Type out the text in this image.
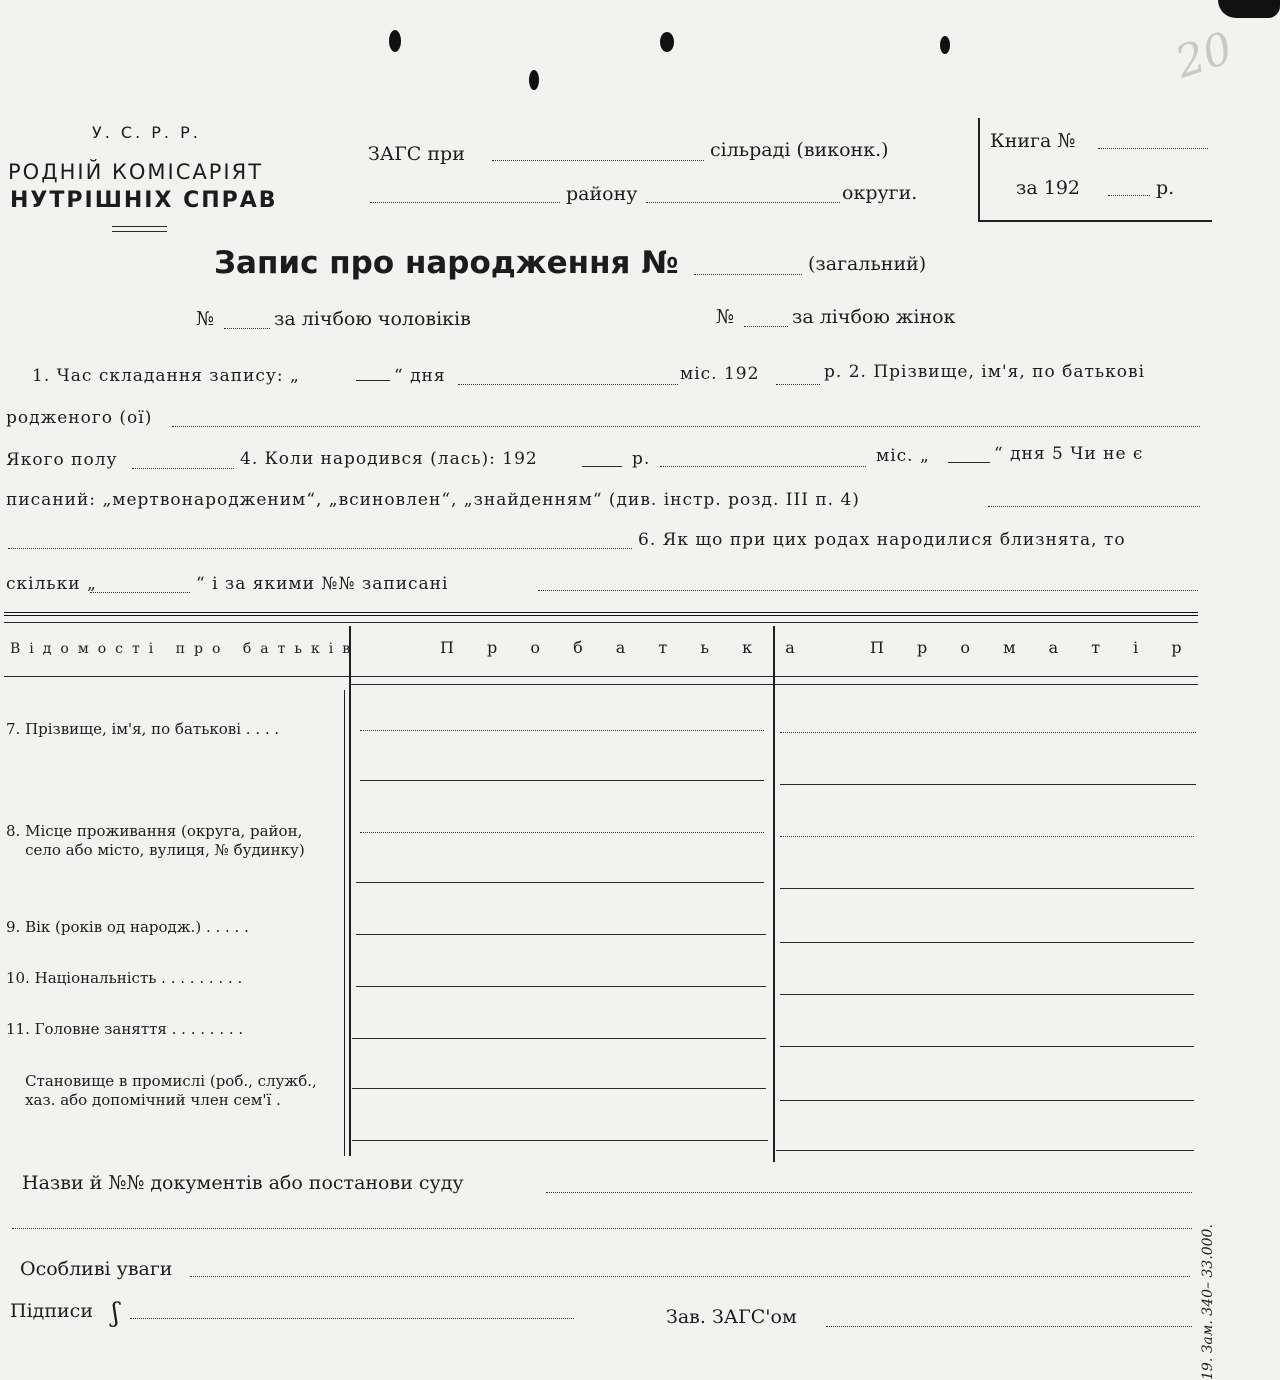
У. С. Р. Р.
РОДНІЙ КОМІСАРІЯТ
НУТРІШНІХ СПРАВ
ЗАГС при	сільраді (виконк.)
району	округи.
Книга №
за 192	р.
20
Запис про народження №	(загальний)
№	за лічбою чоловіків	№	за лічбою жінок
1. Час складання запису: „	“ дня	міс. 192	р. 2. Прізвище, ім'я, по батькові
роджeного (ої)
Якого полу	4. Коли народився (лась): 192	р.	міс. „	“ дня 5 Чи не є
писаний: „мертвонародженим“, „всиновлен“, „знайденням“ (див. інстр. розд. III п. 4)
6. Як що при цих родах народилися близнята, то
скільки „	“ і за якими №№ записані
Відомості про батьків	П р о б а т ь к а	П р о м а т і р
7. Прізвище, ім'я, по батькові . . . .
8. Місце проживання (округа, район,
село або місто, вулиця, № будинку)
9. Вік (років од народж.) . . . . .
10. Національність . . . . . . . . .
11. Головне заняття . . . . . . . .
Становище в промислі (роб., служб.,
хаз. або допомічний член сем'ї .
Назви й №№ документів або постанови суду
Особливі уваги
Підписи ʃ	Зав. ЗАГС'ом	19. Зам. 340– 33.000.
